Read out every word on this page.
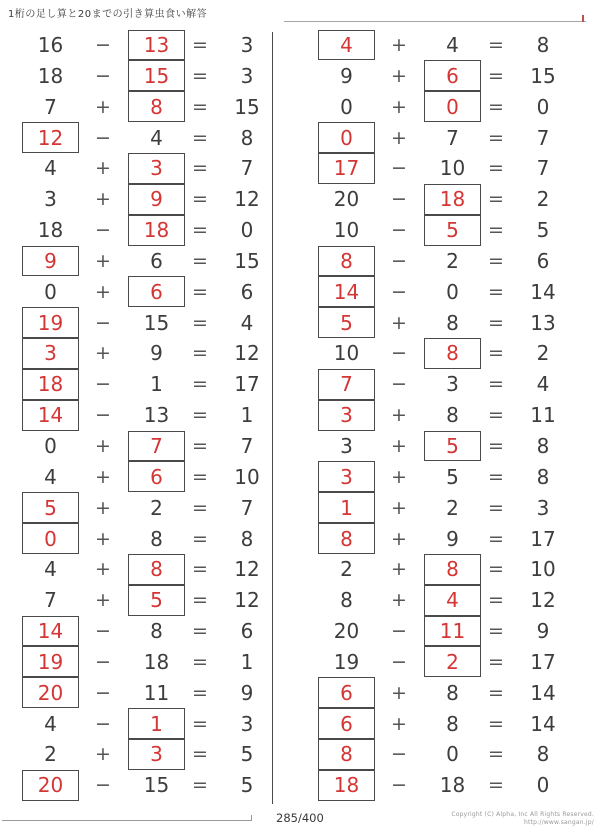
1桁の足し算と20までの引き算虫食い解答
16	−	13	=	3
18	−	15	=	3
7	+	8	=	15
12	−	4	=	8
4	+	3	=	7
3	+	9	=	12
18	−	18	=	0
9	+	6	=	15
0	+	6	=	6
19	−	15	=	4
3	+	9	=	12
18	−	1	=	17
14	−	13	=	1
0	+	7	=	7
4	+	6	=	10
5	+	2	=	7
0	+	8	=	8
4	+	8	=	12
7	+	5	=	12
14	−	8	=	6
19	−	18	=	1
20	−	11	=	9
4	−	1	=	3
2	+	3	=	5
20	−	15	=	5
4	+	4	=	8
9	+	6	=	15
0	+	0	=	0
0	+	7	=	7
17	−	10	=	7
20	−	18	=	2
10	−	5	=	5
8	−	2	=	6
14	−	0	=	14
5	+	8	=	13
10	−	8	=	2
7	−	3	=	4
3	+	8	=	11
3	+	5	=	8
3	+	5	=	8
1	+	2	=	3
8	+	9	=	17
2	+	8	=	10
8	+	4	=	12
20	−	11	=	9
19	−	2	=	17
6	+	8	=	14
6	+	8	=	14
8	−	0	=	8
18	−	18	=	0
285/400	Copyright (C) Alpha, Inc All Rights Reserved.
http://www.sangan.jp/
